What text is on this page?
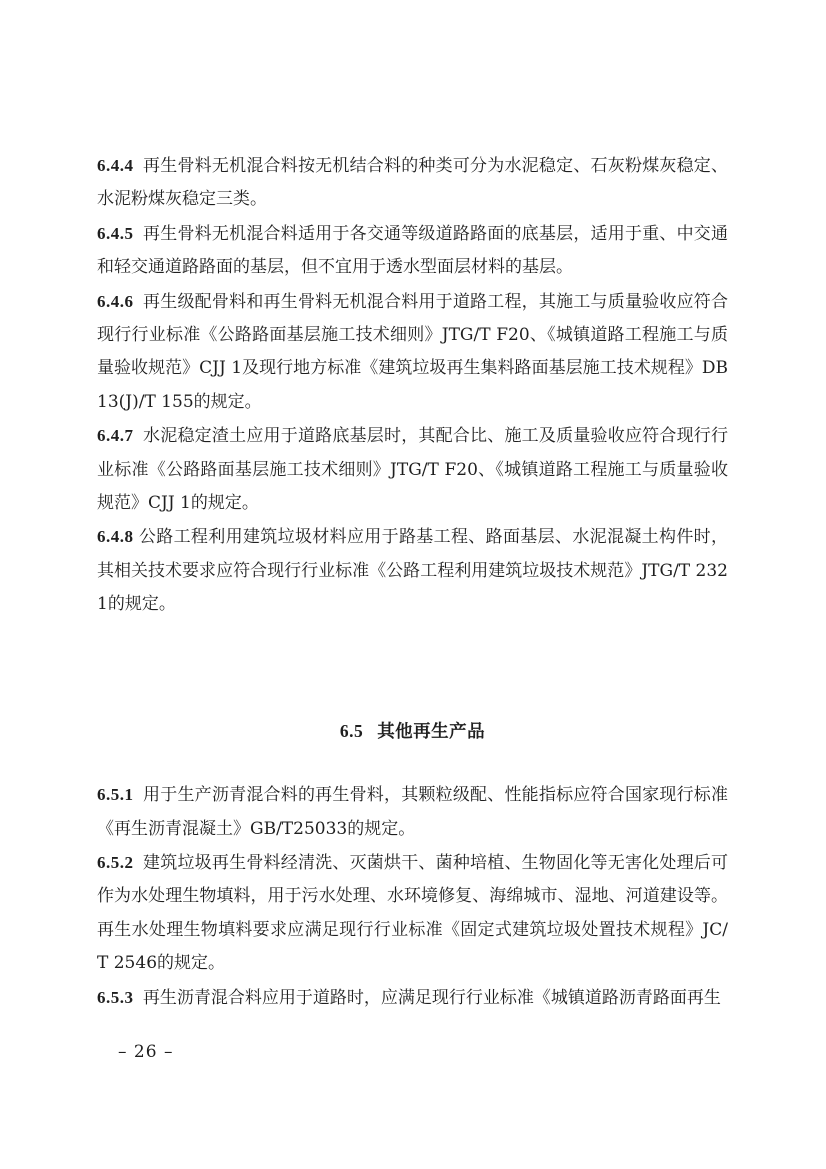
6.4.4 再生骨料无机混合料按无机结合料的种类可分为水泥稳定、石灰粉煤灰稳定、水泥粉煤灰稳定三类。

6.4.5 再生骨料无机混合料适用于各交通等级道路路面的底基层，适用于重、中交通和轻交通道路路面的基层，但不宜用于透水型面层材料的基层。

6.4.6 再生级配骨料和再生骨料无机混合料用于道路工程，其施工与质量验收应符合现行行业标准《公路路面基层施工技术细则》JTG/T F20、《城镇道路工程施工与质量验收规范》CJJ 1及现行地方标准《建筑垃圾再生集料路面基层施工技术规程》DB13(J)/T 155的规定。

6.4.7 水泥稳定渣土应用于道路底基层时，其配合比、施工及质量验收应符合现行行业标准《公路路面基层施工技术细则》JTG/T F20、《城镇道路工程施工与质量验收规范》CJJ 1的规定。

6.4.8 公路工程利用建筑垃圾材料应用于路基工程、路面基层、水泥混凝土构件时，其相关技术要求应符合现行行业标准《公路工程利用建筑垃圾技术规范》JTG/T 2321的规定。

6.5 其他再生产品

6.5.1 用于生产沥青混合料的再生骨料，其颗粒级配、性能指标应符合国家现行标准《再生沥青混凝土》GB/T25033的规定。

6.5.2 建筑垃圾再生骨料经清洗、灭菌烘干、菌种培植、生物固化等无害化处理后可作为水处理生物填料，用于污水处理、水环境修复、海绵城市、湿地、河道建设等。再生水处理生物填料要求应满足现行行业标准《固定式建筑垃圾处置技术规程》JC/T 2546的规定。

6.5.3 再生沥青混合料应用于道路时，应满足现行行业标准《城镇道路沥青路面再生

– 26 –
